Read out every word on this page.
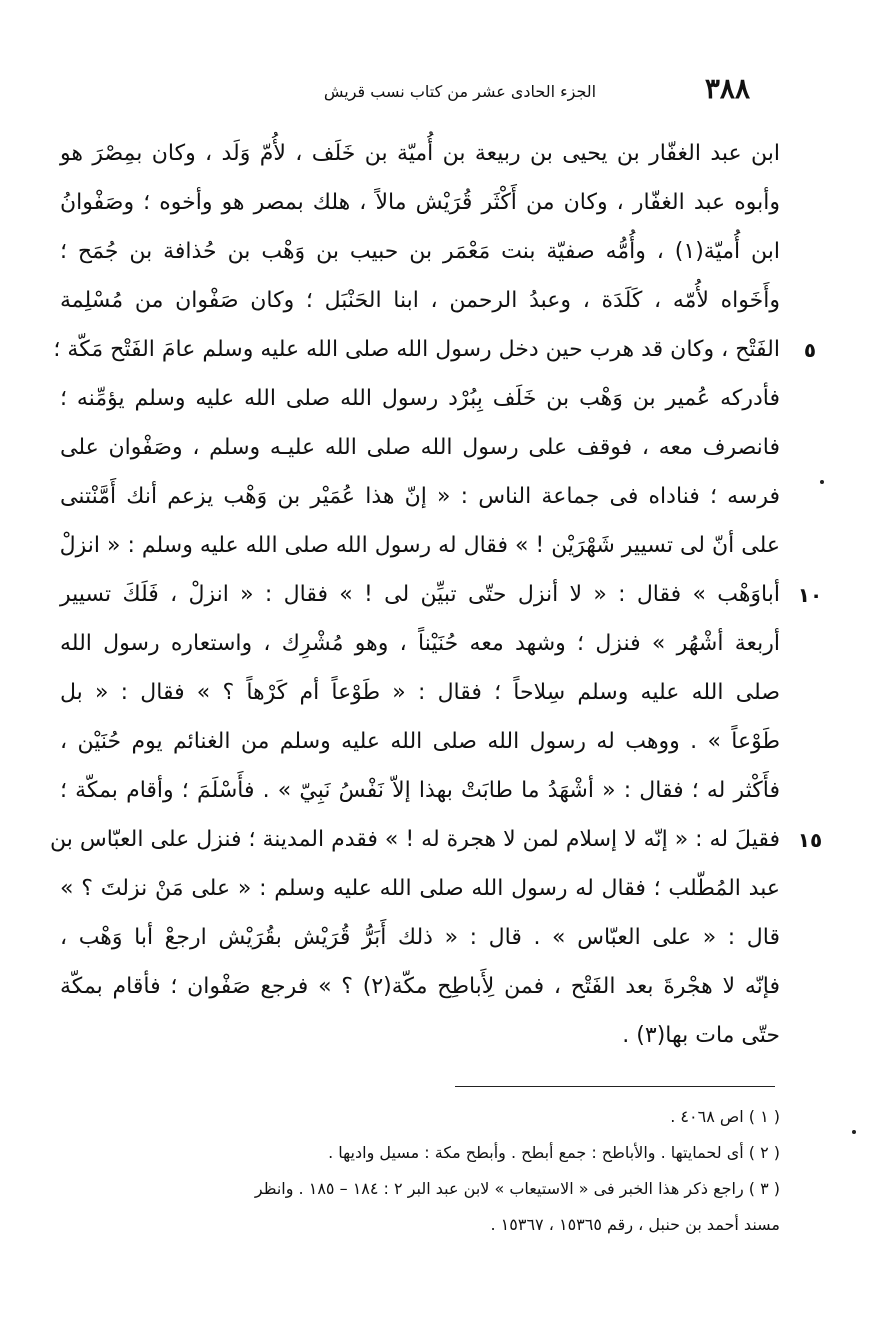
٣٨٨
الجزء الحادى عشر من كتاب نسب قريش
ابن عبد الغفّار بن يحيى بن ربيعة بن أُميّة بن خَلَف ، لأُمّ وَلَد ، وكان بمِصْرَ هو
وأبوه عبد الغفّار ، وكان من أَكْثَر قُرَيْش مالاً ، هلك بمصر هو وأخوه ؛ وصَفْوانُ
ابن أُميّة(١) ، وأُمُّه صفيّة بنت مَعْمَر بن حبيب بن وَهْب بن حُذافة بن جُمَح ؛
وأَخَواه لأُمّه ، كَلَدَة ، وعبدُ الرحمن ، ابنا الحَنْبَل ؛ وكان صَفْوان من مُسْلِمة
الفَتْح ، وكان قد هرب حين دخل رسول الله صلى الله عليه وسلم عامَ الفَتْح مَكّة ؛
فأدركه عُمير بن وَهْب بن خَلَف بِبُرْد رسول الله صلى الله عليه وسلم يؤمِّنه ؛
فانصرف معه ، فوقف على رسول الله صلى الله عليـه وسلم ، وصَفْوان على
فرسه ؛ فناداه فى جماعة الناس : « إنّ هذا عُمَيْر بن وَهْب يزعم أنك أَمَّنْتنى
على أنّ لى تسيير شَهْرَيْن ! » فقال له رسول الله صلى الله عليه وسلم : « انزلْ
أباوَهْب » فقال : « لا أنزل حتّى تبيِّن لى ! » فقال : « انزلْ ، فَلَكَ تسيير
أربعة أشْهُر » فنزل ؛ وشهد معه حُنَيْناً ، وهو مُشْرِك ، واستعاره رسول الله
صلى الله عليه وسلم سِلاحاً ؛ فقال : « طَوْعاً أم كَرْهاً ؟ » فقال : « بل
طَوْعاً » . ووهب له رسول الله صلى الله عليه وسلم من الغنائم يوم حُنَيْن ،
فأَكْثر له ؛ فقال : « أشْهَدُ ما طابَتْ بهذا إلاّ نَفْسُ نَبِيّ » . فأَسْلَمَ ؛ وأقام بمكّة ؛
فقيلَ له : « إنّه لا إسلام لمن لا هجرة له ! » فقدم المدينة ؛ فنزل على العبّاس بن
عبد المُطّلب ؛ فقال له رسول الله صلى الله عليه وسلم : « على مَنْ نزلتَ ؟ »
قال : « على العبّاس » . قال : « ذلك أَبَرُّ قُرَيْش بقُرَيْش ارجعْ أبا وَهْب ،
فإنّه لا هجْرةَ بعد الفَتْح ، فمن لِأَباطِح مكّة(٢) ؟ » فرجع صَفْوان ؛ فأقام بمكّة
حتّى مات بها(٣) .
٥
١٠
١٥
( ١ ) اص ٤٠٦٨ .
( ٢ ) أى لحمايتها . والأباطح : جمع أبطح . وأبطح مكة : مسيل واديها .
( ٣ ) راجع ذكر هذا الخبر فى « الاستيعاب » لابن عبد البر ٢ : ١٨٤ – ١٨٥ . وانظر
مسند أحمد بن حنبل ، رقم ١٥٣٦٥ ، ١٥٣٦٧ .
